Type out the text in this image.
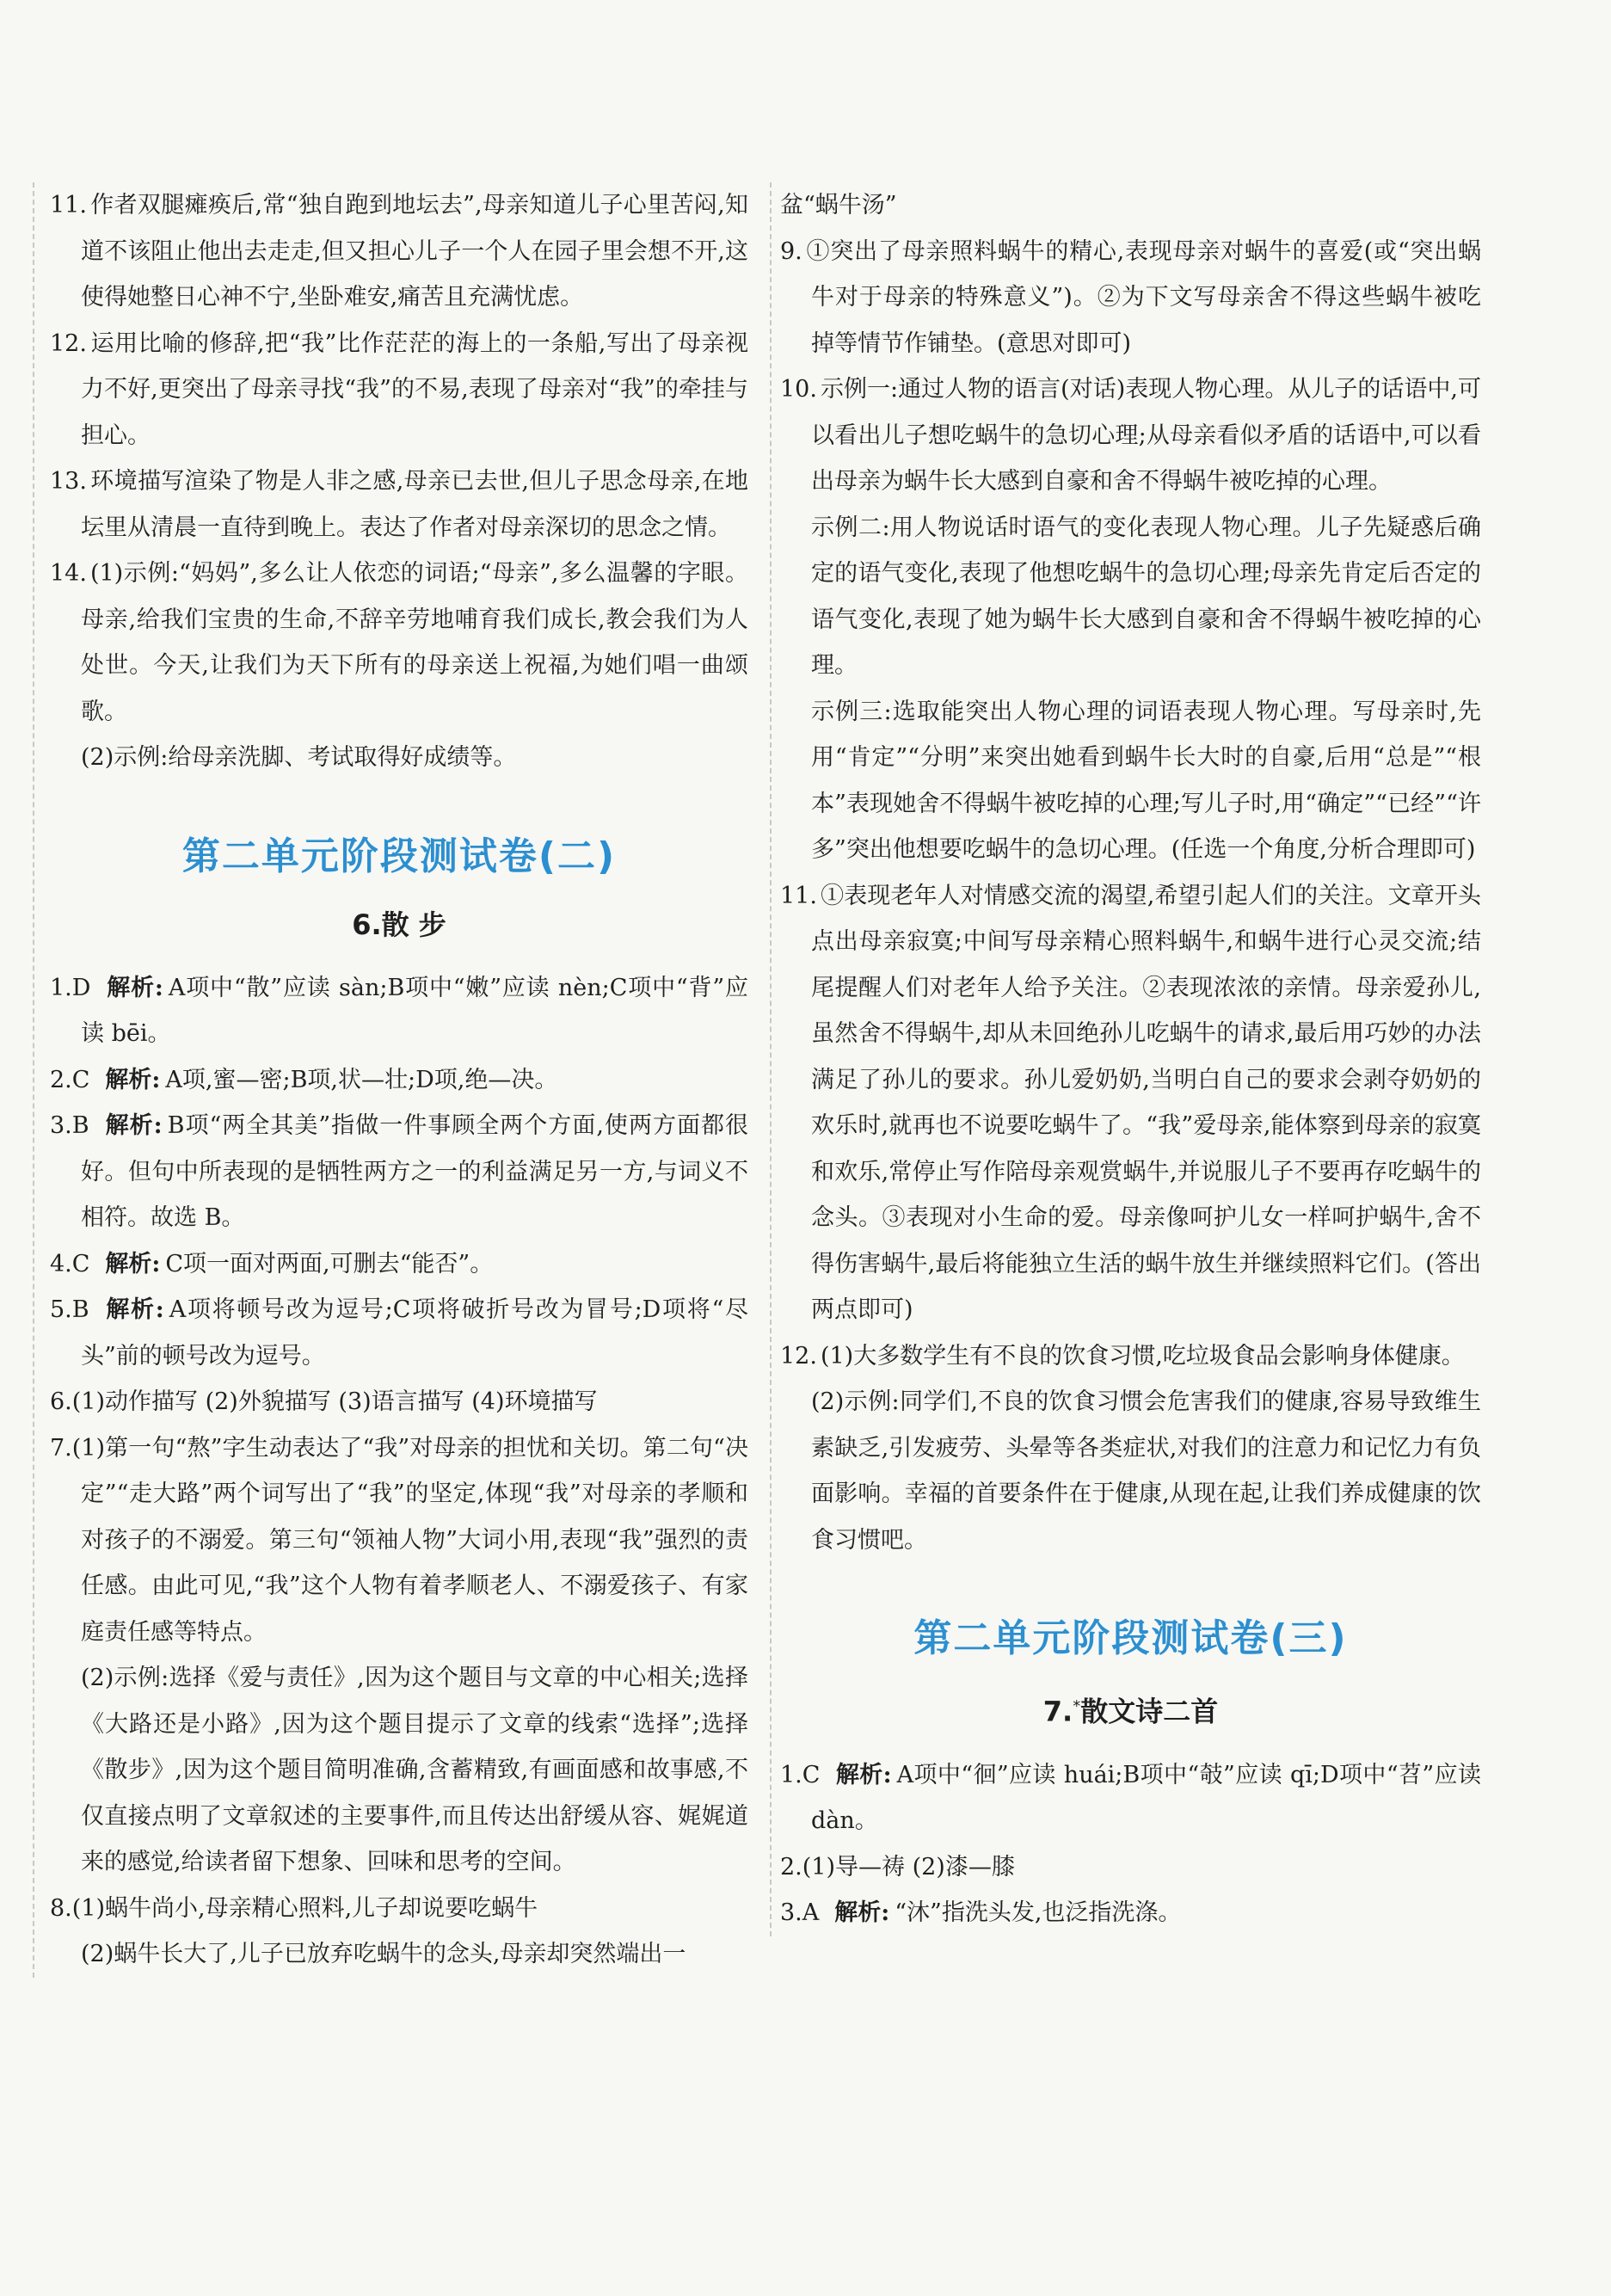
11. 作者双腿瘫痪后,常“独自跑到地坛去”,母亲知道儿子心里苦闷,知道不该阻止他出去走走,但又担心儿子一个人在园子里会想不开,这使得她整日心神不宁,坐卧难安,痛苦且充满忧虑。

12. 运用比喻的修辞,把“我”比作茫茫的海上的一条船,写出了母亲视力不好,更突出了母亲寻找“我”的不易,表现了母亲对“我”的牵挂与担心。

13. 环境描写渲染了物是人非之感,母亲已去世,但儿子思念母亲,在地坛里从清晨一直待到晚上。表达了作者对母亲深切的思念之情。

14. (1)示例:“妈妈”,多么让人依恋的词语;“母亲”,多么温馨的字眼。母亲,给我们宝贵的生命,不辞辛劳地哺育我们成长,教会我们为人处世。今天,让我们为天下所有的母亲送上祝福,为她们唱一曲颂歌。

(2)示例:给母亲洗脚、考试取得好成绩等。

第二单元阶段测试卷(二)
6.散 步

1.D 解析: A项中“散”应读 sàn;B项中“嫩”应读 nèn;C项中“背”应读 bēi。

2.C 解析: A项,蜜—密;B项,状—壮;D项,绝—决。

3.B 解析: B项“两全其美”指做一件事顾全两个方面,使两方面都很好。但句中所表现的是牺牲两方之一的利益满足另一方,与词义不相符。故选 B。

4.C 解析: C项一面对两面,可删去“能否”。

5.B 解析: A项将顿号改为逗号;C项将破折号改为冒号;D项将“尽头”前的顿号改为逗号。

6.(1)动作描写 (2)外貌描写 (3)语言描写 (4)环境描写

7.(1)第一句“熬”字生动表达了“我”对母亲的担忧和关切。第二句“决定”“走大路”两个词写出了“我”的坚定,体现“我”对母亲的孝顺和对孩子的不溺爱。第三句“领袖人物”大词小用,表现“我”强烈的责任感。由此可见,“我”这个人物有着孝顺老人、不溺爱孩子、有家庭责任感等特点。

(2)示例:选择《爱与责任》,因为这个题目与文章的中心相关;选择《大路还是小路》,因为这个题目提示了文章的线索“选择”;选择《散步》,因为这个题目简明准确,含蓄精致,有画面感和故事感,不仅直接点明了文章叙述的主要事件,而且传达出舒缓从容、娓娓道来的感觉,给读者留下想象、回味和思考的空间。

8.(1)蜗牛尚小,母亲精心照料,儿子却说要吃蜗牛

(2)蜗牛长大了,儿子已放弃吃蜗牛的念头,母亲却突然端出一

盆“蜗牛汤”

9. ①突出了母亲照料蜗牛的精心,表现母亲对蜗牛的喜爱(或“突出蜗牛对于母亲的特殊意义”)。②为下文写母亲舍不得这些蜗牛被吃掉等情节作铺垫。(意思对即可)

10. 示例一:通过人物的语言(对话)表现人物心理。从儿子的话语中,可以看出儿子想吃蜗牛的急切心理;从母亲看似矛盾的话语中,可以看出母亲为蜗牛长大感到自豪和舍不得蜗牛被吃掉的心理。

示例二:用人物说话时语气的变化表现人物心理。儿子先疑惑后确定的语气变化,表现了他想吃蜗牛的急切心理;母亲先肯定后否定的语气变化,表现了她为蜗牛长大感到自豪和舍不得蜗牛被吃掉的心理。

示例三:选取能突出人物心理的词语表现人物心理。写母亲时,先用“肯定”“分明”来突出她看到蜗牛长大时的自豪,后用“总是”“根本”表现她舍不得蜗牛被吃掉的心理;写儿子时,用“确定”“已经”“许多”突出他想要吃蜗牛的急切心理。(任选一个角度,分析合理即可)

11. ①表现老年人对情感交流的渴望,希望引起人们的关注。文章开头点出母亲寂寞;中间写母亲精心照料蜗牛,和蜗牛进行心灵交流;结尾提醒人们对老年人给予关注。②表现浓浓的亲情。母亲爱孙儿,虽然舍不得蜗牛,却从未回绝孙儿吃蜗牛的请求,最后用巧妙的办法满足了孙儿的要求。孙儿爱奶奶,当明白自己的要求会剥夺奶奶的欢乐时,就再也不说要吃蜗牛了。“我”爱母亲,能体察到母亲的寂寞和欢乐,常停止写作陪母亲观赏蜗牛,并说服儿子不要再存吃蜗牛的念头。③表现对小生命的爱。母亲像呵护儿女一样呵护蜗牛,舍不得伤害蜗牛,最后将能独立生活的蜗牛放生并继续照料它们。(答出两点即可)

12. (1)大多数学生有不良的饮食习惯,吃垃圾食品会影响身体健康。

(2)示例:同学们,不良的饮食习惯会危害我们的健康,容易导致维生素缺乏,引发疲劳、头晕等各类症状,对我们的注意力和记忆力有负面影响。幸福的首要条件在于健康,从现在起,让我们养成健康的饮食习惯吧。

第二单元阶段测试卷(三)
7.*散文诗二首

1.C 解析: A项中“徊”应读 huái;B项中“攲”应读 qī;D项中“苕”应读 dàn。

2.(1)导—祷 (2)漆—膝

3.A 解析: “沐”指洗头发,也泛指洗涤。
